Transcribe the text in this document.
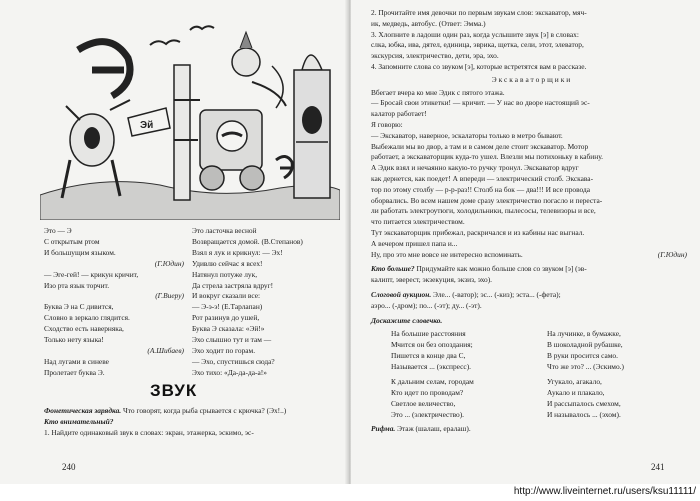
Эй
Это — Э
С открытым ртом
И большущим языком.
(Г.Юдин)
— Эге-гей! — крикун кричит,
Изо рта язык торчит.
(Г.Виеру)
Буква Э на С дивится,
Словно в зеркало глядится.
Сходство есть наверняка,
Только нету языка!
(А.Шибаев)
Над лугами в синеве
Пролетает буква Э.
Это ласточка весной
Возвращается домой. (В.Степанов)
Взял я лук и крикнул: — Эх!
Удивлю сейчас я всех!
Натянул потуже лук,
Да стрела застряла вдруг!
И вокруг сказали все:
— Э-э-э! (Е.Тарлапан)
Рот разинув до ушей,
Буква Э сказала: «Эй!»
Эхо слышно тут и там —
Эхо ходит по горам.
— Эхо, спустишься сюда?
Эхо тихо: «Да-да-да-а!»
ЗВУК
Фонетическая зарядка. Что говорят, когда рыба срывается с крючка? (Эх!..)
Кто внимательный?
1. Найдите одинаковый звук в словах: экран, этажерка, эскимо, эс-
240
2. Прочитайте имя девочки по первым звукам слов: экскаватор, мяч-
ик, медведь, автобус. (Ответ: Эмма.)
3. Хлопните в ладоши один раз, когда услышите звук [э] в словах:
слка, юбка, ива, дятел, единица, эврика, щетка, сели, этот, элеватор,
экскурсия, электричество, дети, эра, эхо.
4. Запомните слова со звуком [э], которые встретятся вам в рассказе.
Экскаваторщики
Вбегает вчера ко мне Эдик с пятого этажа.
— Бросай свои этикетки! — кричит. — У нас во дворе настоящий эс-
калатор работает!
Я говорю:
— Экскаватор, наверное, эскалаторы только в метро бывают.
Выбежали мы во двор, а там и в самом деле стоит экскаватор. Мотор
работает, а экскаваторщик куда-то ушел. Влезли мы потихоньку в кабину.
А Эдик взял и нечаянно какую-то ручку тронул. Экскаватор вдруг
как дернется, как поедет! А впереди — электрический столб. Экскава-
тор по этому столбу — р-р-раз!! Столб на бок — два!!! И все провода
оборвались. Во всем нашем доме сразу электричество погасло и переста-
ли работать электроутюги, холодильники, пылесосы, телевизоры и все,
что питается электричеством.
Тут экскаваторщик прибежал, раскричался и из кабины нас выгнал.
А вечером пришел папа и...
Ну, про это мне вовсе не интересно вспоминать.	(Г.Юдин)
Кто больше? Придумайте как можно больше слов со звуком [э] (эв-
калипт, эверест, экзекуция, экзиз, эхо).
Слоговой аукцион. Эле... (-ватор); эс... (-киз); эста... (-фета);
аэро... (-дром); по... (-эт); ду... (-эт).
Доскажите словечко.
На большие расстояния
Мчится он без опоздания;
Пишется в конце два С,
Называется ... (экспресс).
На лучинке, в бумажке,
В шоколадной рубашке,
В руки просится само.
Что же это? ... (Эскимо.)
К дальним селам, городам
Кто идет по проводам?
Светлое величество,
Это ... (электричество).
Угукало, агакало,
Аукало и плакало,
И рассыпалось смехом,
И называлось ... (эхом).
Рифма. Этаж (шалаш, ералаш).
241
http://www.liveinternet.ru/users/ksu11111/
